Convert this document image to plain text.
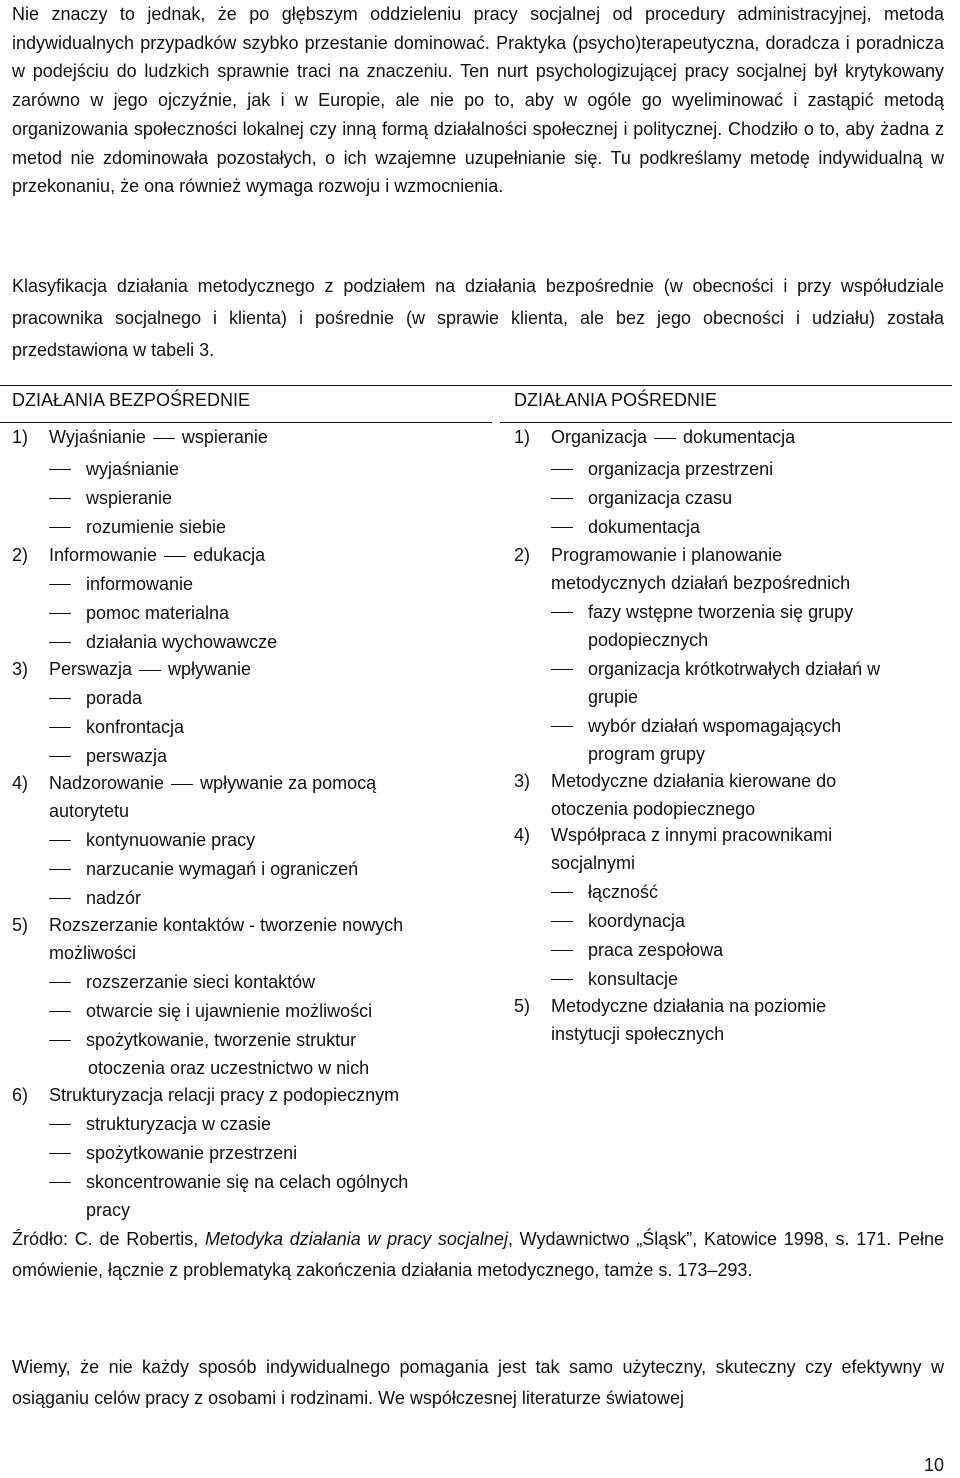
Nie znaczy to jednak, że po głębszym oddzieleniu pracy socjalnej od procedury administracyjnej, metoda indywidualnych przypadków szybko przestanie dominować. Praktyka (psycho)terapeutyczna, doradcza i poradnicza w podejściu do ludzkich sprawnie traci na znaczeniu. Ten nurt psychologizującej pracy socjalnej był krytykowany zarówno w jego ojczyźnie, jak i w Europie, ale nie po to, aby w ogóle go wyeliminować i zastąpić metodą organizowania społeczności lokalnej czy inną formą działalności społecznej i politycznej. Chodziło o to, aby żadna z metod nie zdominowała pozostałych, o ich wzajemne uzupełnianie się. Tu podkreślamy metodę indywidualną w przekonaniu, że ona również wymaga rozwoju i wzmocnienia.

Klasyfikacja działania metodycznego z podziałem na działania bezpośrednie (w obecności i przy współudziale pracownika socjalnego i klienta) i pośrednie (w sprawie klienta, ale bez jego obecności i udziału) została przedstawiona w tabeli 3.

DZIAŁANIA BEZPOŚREDNIE
1) Wyjaśnianie wspieranie
wyjaśnianie
wspieranie
rozumienie siebie
2) Informowanie edukacja
informowanie
pomoc materialna
działania wychowawcze
3) Perswazja wpływanie
porada
konfrontacja
perswazja
4) Nadzorowanie wpływanie za pomocą
autorytetu
kontynuowanie pracy
narzucanie wymagań i ograniczeń
nadzór
5) Rozszerzanie kontaktów - tworzenie nowych
możliwości
rozszerzanie sieci kontaktów
otwarcie się i ujawnienie możliwości
spożytkowanie, tworzenie struktur
otoczenia oraz uczestnictwo w nich
6) Strukturyzacja relacji pracy z podopiecznym
strukturyzacja w czasie
spożytkowanie przestrzeni
skoncentrowanie się na celach ogólnych
pracy
DZIAŁANIA POŚREDNIE
1) Organizacja dokumentacja
organizacja przestrzeni
organizacja czasu
dokumentacja
2) Programowanie i planowanie
metodycznych działań bezpośrednich
fazy wstępne tworzenia się grupy
podopiecznych
organizacja krótkotrwałych działań w
grupie
wybór działań wspomagających
program grupy
3) Metodyczne działania kierowane do
otoczenia podopiecznego
4) Współpraca z innymi pracownikami
socjalnymi
łączność
koordynacja
praca zespołowa
konsultacje
5) Metodyczne działania na poziomie
instytucji społecznych

Źródło: C. de Robertis, Metodyka działania w pracy socjalnej, Wydawnictwo „Śląsk”, Katowice 1998, s. 171. Pełne omówienie, łącznie z problematyką zakończenia działania metodycznego, tamże s. 173–293.

Wiemy, że nie każdy sposób indywidualnego pomagania jest tak samo użyteczny, skuteczny czy efektywny w osiąganiu celów pracy z osobami i rodzinami. We współczesnej literaturze światowej

10
